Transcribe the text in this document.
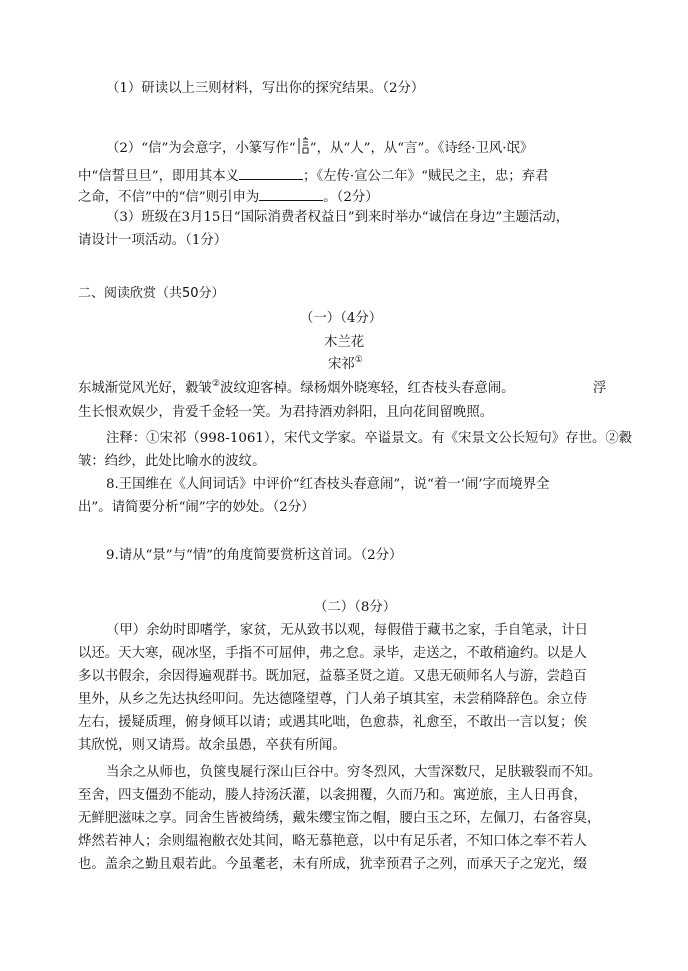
（1）研读以上三则材料，写出你的探究结果。（2分）
（2）“信”为会意字，小篆写作“ ”，从“人”，从“言”。《诗经·卫风·氓》
中“信誓旦旦”，即用其本义	；《左传·宣公二年》“贼民之主，忠；弃君
之命，不信”中的“信”则引申为	。（2分）
（3）班级在3月15日“国际消费者权益日”到来时举办“诚信在身边”主题活动，
请设计一项活动。（1分）
二、阅读欣赏（共50分）
（一）（4分）
木兰花
宋祁①
东城渐觉风光好，縠皱②波纹迎客棹。绿杨烟外晓寒轻，红杏枝头春意闹。	浮
生长恨欢娱少，肯爱千金轻一笑。为君持酒劝斜阳，且向花间留晚照。
注释：①宋祁（998-1061），宋代文学家。卒谥景文。有《宋景文公长短句》存世。②縠
皱：绉纱，此处比喻水的波纹。
8.王国维在《人间词话》中评价“红杏枝头春意闹”，说“着一‘闹’字而境界全
出”。请简要分析“闹”字的妙处。（2分）
9.请从“景”与“情”的角度简要赏析这首词。（2分）
（二）（8分）
（甲）余幼时即嗜学，家贫，无从致书以观，每假借于藏书之家，手自笔录，计日
以还。天大寒，砚冰坚，手指不可屈伸，弗之怠。录毕，走送之，不敢稍逾约。以是人
多以书假余，余因得遍观群书。既加冠，益慕圣贤之道。又患无硕师名人与游，尝趋百
里外，从乡之先达执经叩问。先达德隆望尊，门人弟子填其室，未尝稍降辞色。余立侍
左右，援疑质理，俯身倾耳以请；或遇其叱咄，色愈恭，礼愈至，不敢出一言以复；俟
其欣悦，则又请焉。故余虽愚，卒获有所闻。
当余之从师也，负箧曳屣行深山巨谷中。穷冬烈风，大雪深数尺，足肤皲裂而不知。
至舍，四支僵劲不能动，媵人持汤沃灌，以衾拥覆，久而乃和。寓逆旅，主人日再食，
无鲜肥滋味之享。同舍生皆被绮绣，戴朱缨宝饰之帽，腰白玉之环，左佩刀，右备容臭，
烨然若神人；余则缊袍敝衣处其间，略无慕艳意，以中有足乐者，不知口体之奉不若人
也。盖余之勤且艰若此。今虽耄老，未有所成，犹幸预君子之列，而承天子之宠光，缀
